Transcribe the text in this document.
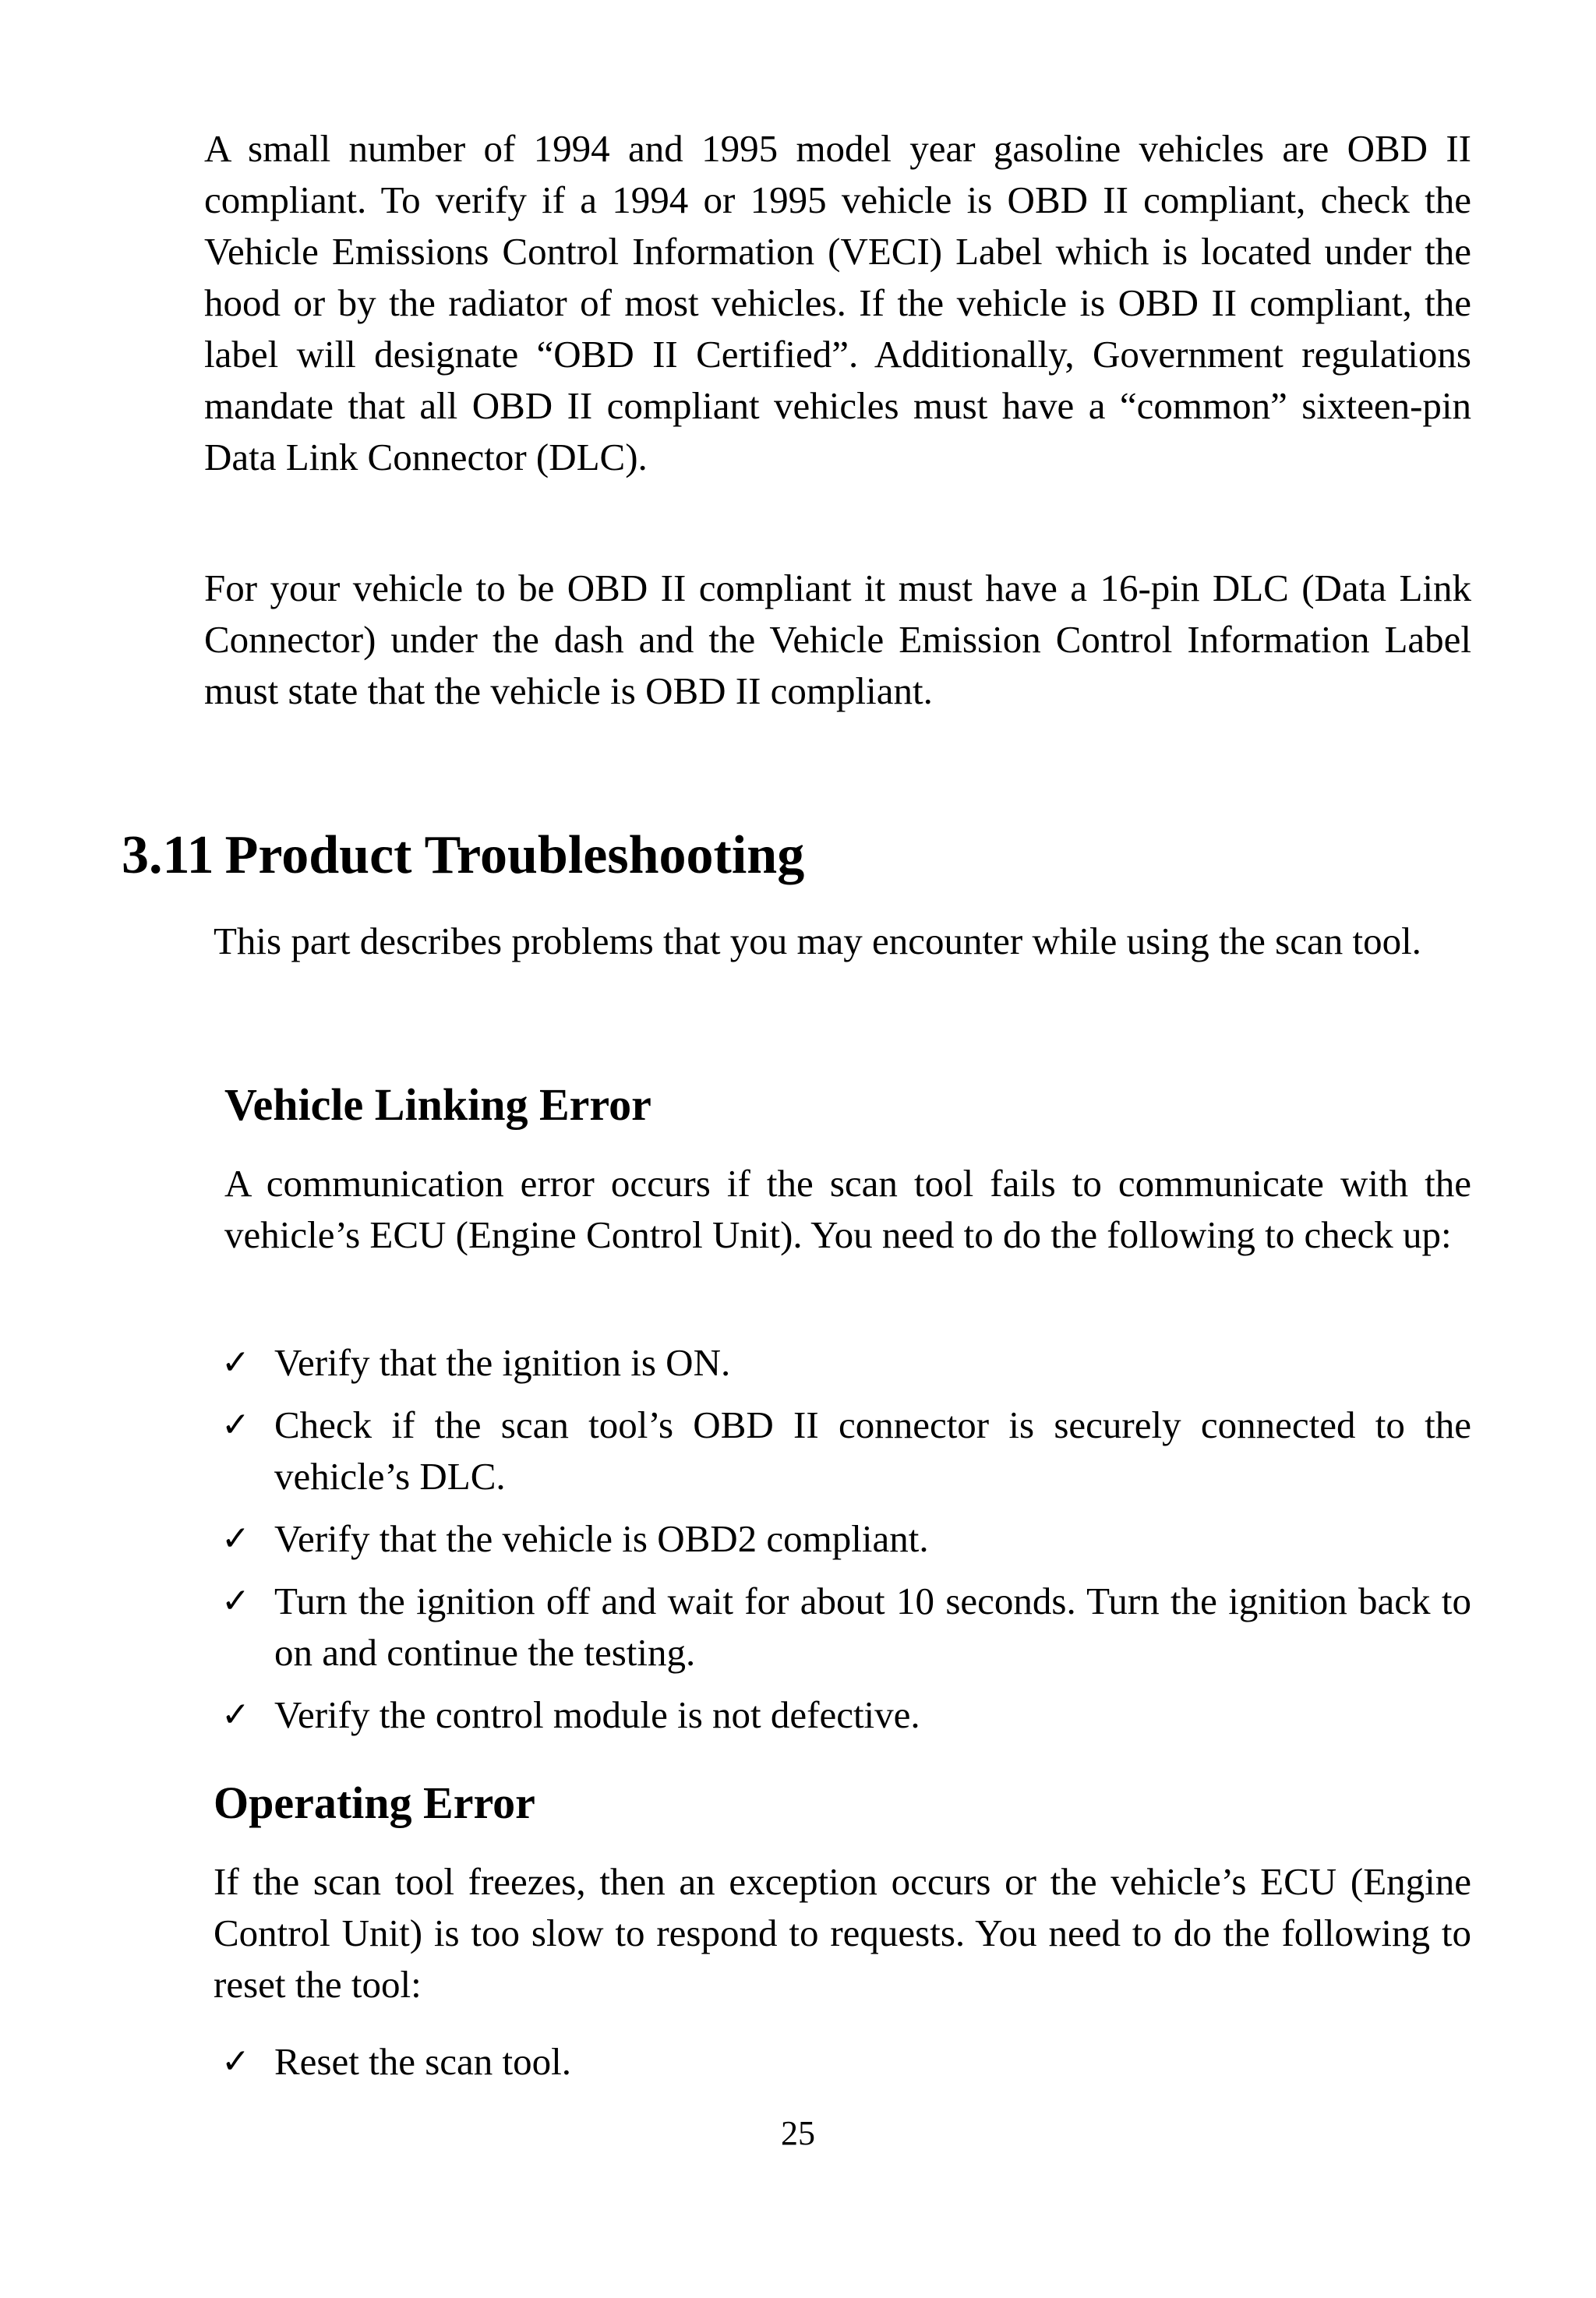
A small number of 1994 and 1995 model year gasoline vehicles are OBD II compliant. To verify if a 1994 or 1995 vehicle is OBD II compliant, check the Vehicle Emissions Control Information (VECI) Label which is located under the hood or by the radiator of most vehicles. If the vehicle is OBD II compliant, the label will designate “OBD II Certified”. Additionally, Government regulations mandate that all OBD II compliant vehicles must have a “common” sixteen-pin Data Link Connector (DLC).

For your vehicle to be OBD II compliant it must have a 16-pin DLC (Data Link Connector) under the dash and the Vehicle Emission Control Information Label must state that the vehicle is OBD II compliant.

3.11 Product Troubleshooting

This part describes problems that you may encounter while using the scan tool.

Vehicle Linking Error

A communication error occurs if the scan tool fails to communicate with the vehicle’s ECU (Engine Control Unit). You need to do the following to check up:

✓ Verify that the ignition is ON.
✓ Check if the scan tool’s OBD II connector is securely connected to the vehicle’s DLC.
✓ Verify that the vehicle is OBD2 compliant.
✓ Turn the ignition off and wait for about 10 seconds. Turn the ignition back to on and continue the testing.
✓ Verify the control module is not defective.
Operating Error

If the scan tool freezes, then an exception occurs or the vehicle’s ECU (Engine Control Unit) is too slow to respond to requests. You need to do the following to reset the tool:

✓ Reset the scan tool.
25
